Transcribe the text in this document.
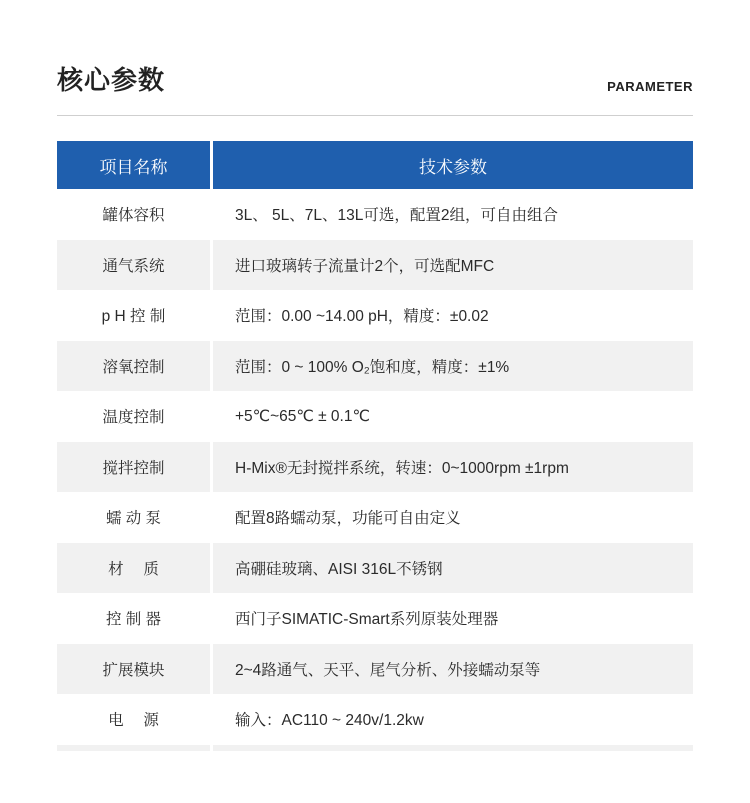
核心参数	PARAMETER
项目名称	技术参数
罐体容积	3L、 5L、7L、13L可选，配置2组，可自由组合
通气系统	进口玻璃转子流量计2个，可选配MFC
p H 控 制	范围：0.00 ~14.00 pH，精度：±0.02
溶氧控制	范围：0 ~ 100% O₂饱和度，精度：±1%
温度控制	+5℃~65℃ ± 0.1℃
搅拌控制	H-Mix®无封搅拌系统，转速：0~1000rpm ±1rpm
蠕 动 泵	配置8路蠕动泵，功能可自由定义
材　 质	高硼硅玻璃、AISI 316L不锈钢
控 制 器	西门子SIMATIC-Smart系列原装处理器
扩展模块	2~4路通气、天平、尾气分析、外接蠕动泵等
电　 源	输入：AC110 ~ 240v/1.2kw
